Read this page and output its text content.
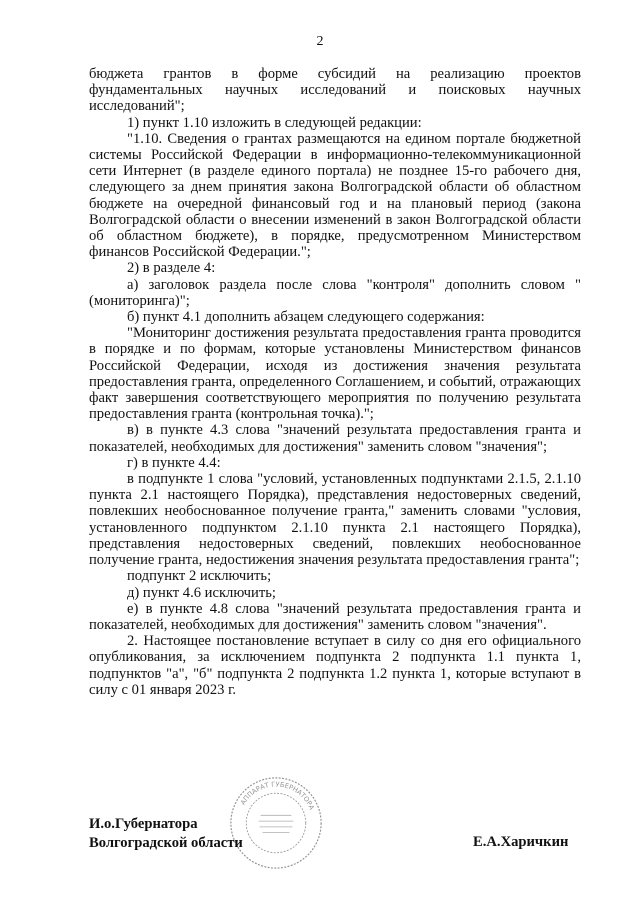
2

бюджета грантов в форме субсидий на реализацию проектов фундаментальных научных исследований и поисковых научных исследований";

1) пункт 1.10 изложить в следующей редакции:

"1.10. Сведения о грантах размещаются на едином портале бюджетной системы Российской Федерации в информационно-телекоммуникационной сети Интернет (в разделе единого портала) не позднее 15-го рабочего дня, следующего за днем принятия закона Волгоградской области об областном бюджете на очередной финансовый год и на плановый период (закона Волгоградской области о внесении изменений в закон Волгоградской области об областном бюджете), в порядке, предусмотренном Министерством финансов Российской Федерации.";

2) в разделе 4:

а) заголовок раздела после слова "контроля" дополнить словом "(мониторинга)";

б) пункт 4.1 дополнить абзацем следующего содержания:

"Мониторинг достижения результата предоставления гранта проводится в порядке и по формам, которые установлены Министерством финансов Российской Федерации, исходя из достижения значения результата предоставления гранта, определенного Соглашением, и событий, отражающих факт завершения соответствующего мероприятия по получению результата предоставления гранта (контрольная точка).";

в) в пункте 4.3 слова "значений результата предоставления гранта и показателей, необходимых для достижения" заменить словом "значения";

г) в пункте 4.4:

в подпункте 1 слова "условий, установленных подпунктами 2.1.5, 2.1.10 пункта 2.1 настоящего Порядка), представления недостоверных сведений, повлекших необоснованное получение гранта," заменить словами "условия, установленного подпунктом 2.1.10 пункта 2.1 настоящего Порядка), представления недостоверных сведений, повлекших необоснованное получение гранта, недостижения значения результата предоставления гранта";

подпункт 2 исключить;

д) пункт 4.6 исключить;

е) в пункте 4.8 слова "значений результата предоставления гранта и показателей, необходимых для достижения" заменить словом "значения".

2. Настоящее постановление вступает в силу со дня его официального опубликования, за исключением подпункта 2 подпункта 1.1 пункта 1, подпунктов "а", "б" подпункта 2 подпункта 1.2 пункта 1, которые вступают в силу с 01 января 2023 г.

АППАРАТ ГУБЕРНАТОРА
И.о.Губернатора
Волгоградской области	Е.А.Харичкин
